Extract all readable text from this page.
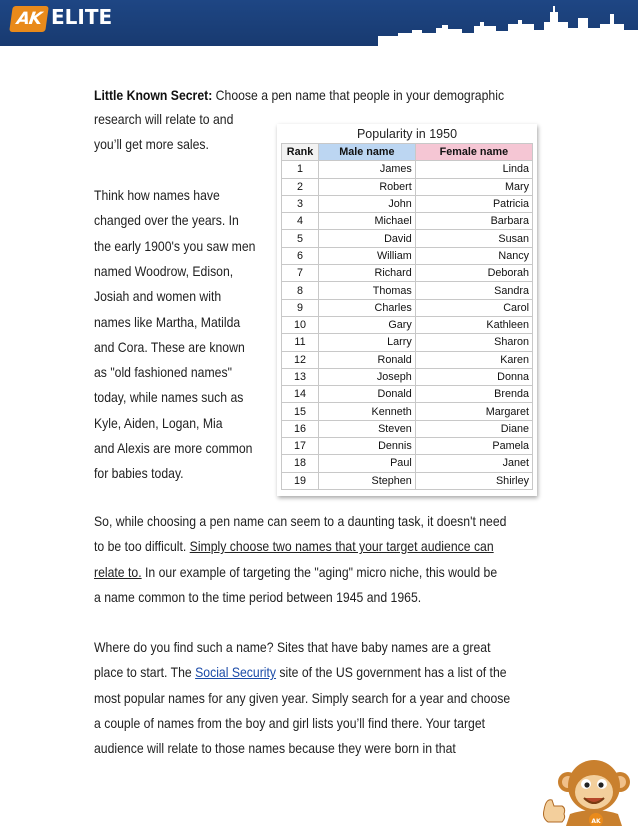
AK ELITE

Little Known Secret: Choose a pen name that people in your demographic

research will relate to and

you’ll get more sales.

Think how names have

changed over the years. In

the early 1900's you saw men

named Woodrow, Edison,

Josiah and women with

names like Martha, Matilda

and Cora. These are known

as "old fashioned names"

today, while names such as

Kyle, Aiden, Logan, Mia

and Alexis are more common

for babies today.

Popularity in 1950
Rank	Male name	Female name
1	James	Linda
2	Robert	Mary
3	John	Patricia
4	Michael	Barbara
5	David	Susan
6	William	Nancy
7	Richard	Deborah
8	Thomas	Sandra
9	Charles	Carol
10	Gary	Kathleen
11	Larry	Sharon
12	Ronald	Karen
13	Joseph	Donna
14	Donald	Brenda
15	Kenneth	Margaret
16	Steven	Diane
17	Dennis	Pamela
18	Paul	Janet
19	Stephen	Shirley

So, while choosing a pen name can seem to a daunting task, it doesn't need

to be too difficult. Simply choose two names that your target audience can

relate to. In our example of targeting the "aging" micro niche, this would be

a name common to the time period between 1945 and 1965.

Where do you find such a name? Sites that have baby names are a great

place to start. The Social Security site of the US government has a list of the

most popular names for any given year. Simply search for a year and choose

a couple of names from the boy and girl lists you’ll find there. Your target

audience will relate to those names because they were born in that

AK
